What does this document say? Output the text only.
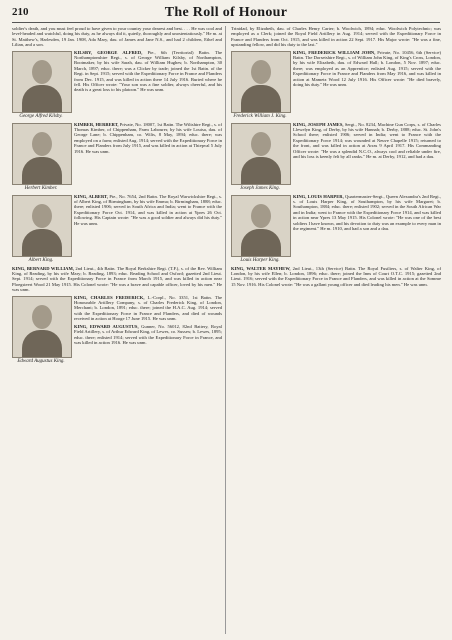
210	The Roll of Honour

soldier's death, and you must feel proud to have given to your country your dearest and best. . . . He was cool and level-headed and watchful, doing his duty, as he always did it, quietly, thoroughly and unostentatiously." He m. at St. Matthew's, Harlesden, 19 Jan. 1908, Ada Mary, dau. of James and Jane N.S., and had 2 children, Ethel and Lilian, and a son.

George Alfred Kilsby.

KILSBY, GEORGE ALFRED, Pte., 6th (Territorial) Battn. The Northamptonshire Regt., s. of George William Kilsby, of Northampton, Bootmaker, by his wife Sarah, dau. of William Hughes; b. Northampton, 30 March, 1897; educ. there; was a Clicker by trade; joined the 1st Battn. of the Regt. in Sept. 1915; served with the Expeditionary Force in France and Flanders from Dec. 1915, and was killed in action there 14 July 1916. Buried where he fell. His Officer wrote: "Your son was a fine soldier, always cheerful, and his death is a great loss to his platoon." He was unm.

Herbert Kimber.

KIMBER, HERBERT, Private, No. 18007, 1st Battn. The Wiltshire Regt., s. of Thomas Kimber, of Chippenham, Farm Labourer, by his wife Louisa, dau. of George Lane; b. Chippenham, co. Wilts, 8 May, 1894; educ. there; was employed on a farm; enlisted Aug. 1914; served with the Expeditionary Force in France and Flanders from July 1915, and was killed in action at Thiepval 5 July 1916. He was unm.

Albert King.

KING, ALBERT, Pte., No. 7654, 2nd Battn. The Royal Warwickshire Regt., s. of Albert King, of Birmingham, by his wife Emma; b. Birmingham, 1888; educ. there; enlisted 1906; served in South Africa and India; went to France with the Expeditionary Force Oct. 1914, and was killed in action at Ypres 26 Oct. following. His Captain wrote: "He was a good soldier and always did his duty." He was unm.

KING, BERNARD WILLIAM, 2nd Lieut., 4th Battn. The Royal Berkshire Regt. (T.F.), s. of the Rev. William King, of Reading, by his wife Mary; b. Reading, 1893; educ. Reading School and Oxford; gazetted 2nd Lieut. Sept. 1914; served with the Expeditionary Force in France from March 1915, and was killed in action near Ploegsteert Wood 21 May 1915. His Colonel wrote: "He was a brave and capable officer, loved by his men." He was unm.

Edward Augustus King.

KING, CHARLES FREDERICK, L.-Corpl., No. 3351, 1st Battn. The Honourable Artillery Company, s. of Charles Frederick King, of London, Merchant; b. London, 1891; educ. there; joined the H.A.C. Aug. 1914; served with the Expeditionary Force in France and Flanders, and died of wounds received in action at Hooge 17 June 1915. He was unm.

KING, EDWARD AUGUSTUS, Gunner, No. 56012, 82nd Battery, Royal Field Artillery, s. of Arthur Edward King, of Lewes, co. Sussex; b. Lewes, 1895; educ. there; enlisted 1914; served with the Expeditionary Force in France, and was killed in action 1916. He was unm.

Trinidad, by Elizabeth, dau. of Charles Henry Carter; b. Woolwich, 1894; educ. Woolwich Polytechnic; was employed as a Clerk; joined the Royal Field Artillery in Aug. 1914; served with the Expeditionary Force in France and Flanders from Oct. 1915, and was killed in action 22 Sept. 1917. His Major wrote: "He was a fine, upstanding fellow, and did his duty to the last."

Frederick William J. King.

KING, FREDERICK WILLIAM JOHN, Private, No. 10456, 6th (Service) Battn. The Dorsetshire Regt., s. of William John King, of King's Cross, London, by his wife Elizabeth, dau. of Edward Hall; b. London, 5 Nov. 1897; educ. there; was employed as an Apprentice; enlisted Aug. 1915; served with the Expeditionary Force in France and Flanders from May 1916, and was killed in action at Mametz Wood 12 July 1916. His Officer wrote: "He died bravely, doing his duty." He was unm.

Joseph James King.

KING, JOSEPH JAMES, Sergt., No. 8234, Machine Gun Corps, s. of Charles Llewelyn King, of Derby, by his wife Hannah; b. Derby, 1888; educ. St. John's School there; enlisted 1906; served in India; went to France with the Expeditionary Force 1914; was wounded at Neuve Chapelle 1915; returned to the front, and was killed in action at Arras 9 April 1917. His Commanding Officer wrote: "He was a splendid N.C.O., always cool and reliable under fire, and his loss is keenly felt by all ranks." He m. at Derby, 1912, and had a dau.

Louis Harper King.

KING, LOUIS HARPER, Quartermaster-Sergt., Queen Alexandra's 2nd Regt., s. of Louis Harper King, of Southampton, by his wife Margaret; b. Southampton, 1884; educ. there; enlisted 1902; served in the South African War and in India; went to France with the Expeditionary Force 1914, and was killed in action near Ypres 13 May 1915. His Colonel wrote: "He was one of the best soldiers I have known, and his devotion to duty was an example to every man in the regiment." He m. 1910, and had a son and a dau.

KING, WALTER MAYHEW, 2nd Lieut., 13th (Service) Battn. The Royal Fusiliers, s. of Walter King, of London, by his wife Ellen; b. London, 1896; educ. there; joined the Inns of Court O.T.C. 1915; gazetted 2nd Lieut. 1916; served with the Expeditionary Force in France and Flanders, and was killed in action at the Somme 15 Nov. 1916. His Colonel wrote: "He was a gallant young officer and died leading his men." He was unm.
